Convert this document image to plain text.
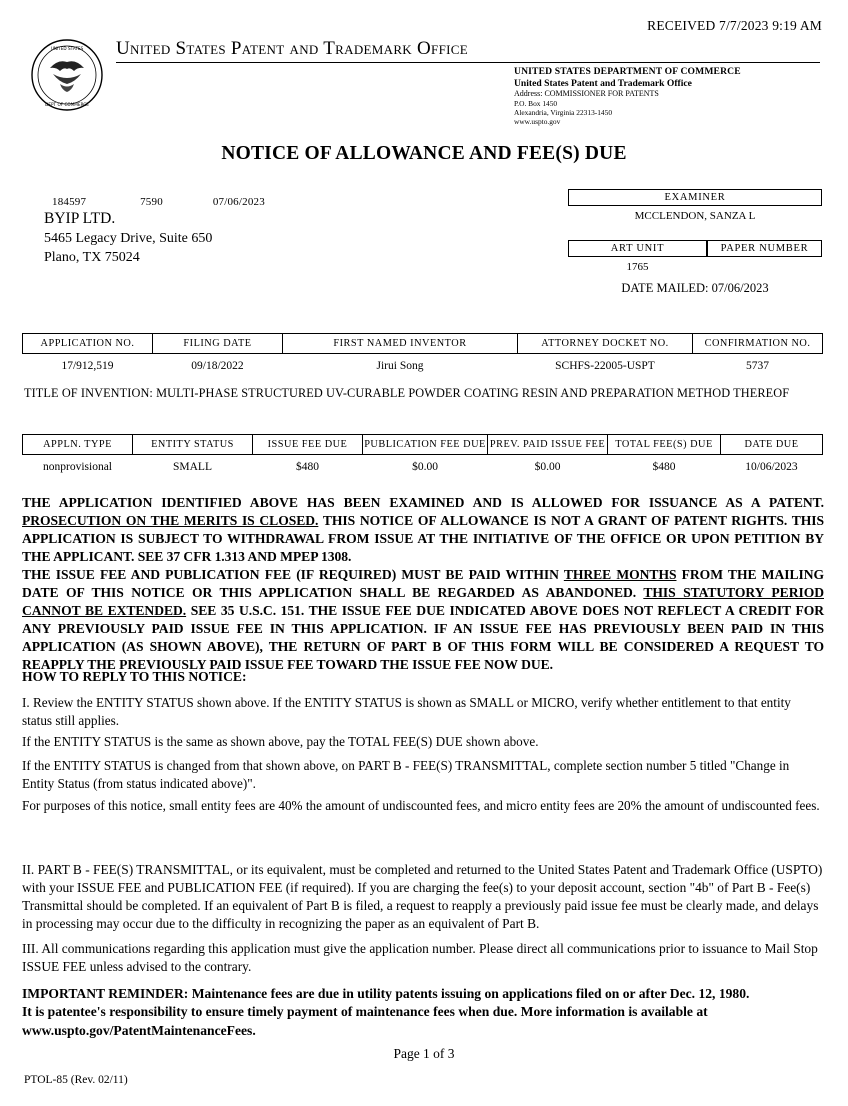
RECEIVED 7/7/2023 9:19 AM
UNITED STATES
DEPT OF COMMERCE
United States Patent and Trademark Office
UNITED STATES DEPARTMENT OF COMMERCE
United States Patent and Trademark Office
Address: COMMISSIONER FOR PATENTS
P.O. Box 1450
Alexandria, Virginia 22313-1450
www.uspto.gov
NOTICE OF ALLOWANCE AND FEE(S) DUE
184597	7590	07/06/2023
BYIP LTD.
5465 Legacy Drive, Suite 650
Plano, TX 75024
EXAMINER
MCCLENDON, SANZA L
ART UNIT	PAPER NUMBER
1765
DATE MAILED: 07/06/2023
APPLICATION NO.	FILING DATE	FIRST NAMED INVENTOR	ATTORNEY DOCKET NO.	CONFIRMATION NO.
17/912,519	09/18/2022	Jirui Song	SCHFS-22005-USPT	5737
TITLE OF INVENTION: MULTI-PHASE STRUCTURED UV-CURABLE POWDER COATING RESIN AND PREPARATION METHOD THEREOF
APPLN. TYPE	ENTITY STATUS	ISSUE FEE DUE	PUBLICATION FEE DUE	PREV. PAID ISSUE FEE	TOTAL FEE(S) DUE	DATE DUE
nonprovisional	SMALL	$480	$0.00	$0.00	$480	10/06/2023
THE APPLICATION IDENTIFIED ABOVE HAS BEEN EXAMINED AND IS ALLOWED FOR ISSUANCE AS A PATENT. PROSECUTION ON THE MERITS IS CLOSED. THIS NOTICE OF ALLOWANCE IS NOT A GRANT OF PATENT RIGHTS. THIS APPLICATION IS SUBJECT TO WITHDRAWAL FROM ISSUE AT THE INITIATIVE OF THE OFFICE OR UPON PETITION BY THE APPLICANT. SEE 37 CFR 1.313 AND MPEP 1308.
THE ISSUE FEE AND PUBLICATION FEE (IF REQUIRED) MUST BE PAID WITHIN THREE MONTHS FROM THE MAILING DATE OF THIS NOTICE OR THIS APPLICATION SHALL BE REGARDED AS ABANDONED. THIS STATUTORY PERIOD CANNOT BE EXTENDED. SEE 35 U.S.C. 151. THE ISSUE FEE DUE INDICATED ABOVE DOES NOT REFLECT A CREDIT FOR ANY PREVIOUSLY PAID ISSUE FEE IN THIS APPLICATION. IF AN ISSUE FEE HAS PREVIOUSLY BEEN PAID IN THIS APPLICATION (AS SHOWN ABOVE), THE RETURN OF PART B OF THIS FORM WILL BE CONSIDERED A REQUEST TO REAPPLY THE PREVIOUSLY PAID ISSUE FEE TOWARD THE ISSUE FEE NOW DUE.
HOW TO REPLY TO THIS NOTICE:
I. Review the ENTITY STATUS shown above. If the ENTITY STATUS is shown as SMALL or MICRO, verify whether entitlement to that entity status still applies.
If the ENTITY STATUS is the same as shown above, pay the TOTAL FEE(S) DUE shown above.
If the ENTITY STATUS is changed from that shown above, on PART B - FEE(S) TRANSMITTAL, complete section number 5 titled "Change in Entity Status (from status indicated above)".
For purposes of this notice, small entity fees are 40% the amount of undiscounted fees, and micro entity fees are 20% the amount of undiscounted fees.
II. PART B - FEE(S) TRANSMITTAL, or its equivalent, must be completed and returned to the United States Patent and Trademark Office (USPTO) with your ISSUE FEE and PUBLICATION FEE (if required). If you are charging the fee(s) to your deposit account, section "4b" of Part B - Fee(s) Transmittal should be completed. If an equivalent of Part B is filed, a request to reapply a previously paid issue fee must be clearly made, and delays in processing may occur due to the difficulty in recognizing the paper as an equivalent of Part B.
III. All communications regarding this application must give the application number. Please direct all communications prior to issuance to Mail Stop ISSUE FEE unless advised to the contrary.
IMPORTANT REMINDER: Maintenance fees are due in utility patents issuing on applications filed on or after Dec. 12, 1980.
It is patentee's responsibility to ensure timely payment of maintenance fees when due. More information is available at
www.uspto.gov/PatentMaintenanceFees.
Page 1 of 3
PTOL-85 (Rev. 02/11)
